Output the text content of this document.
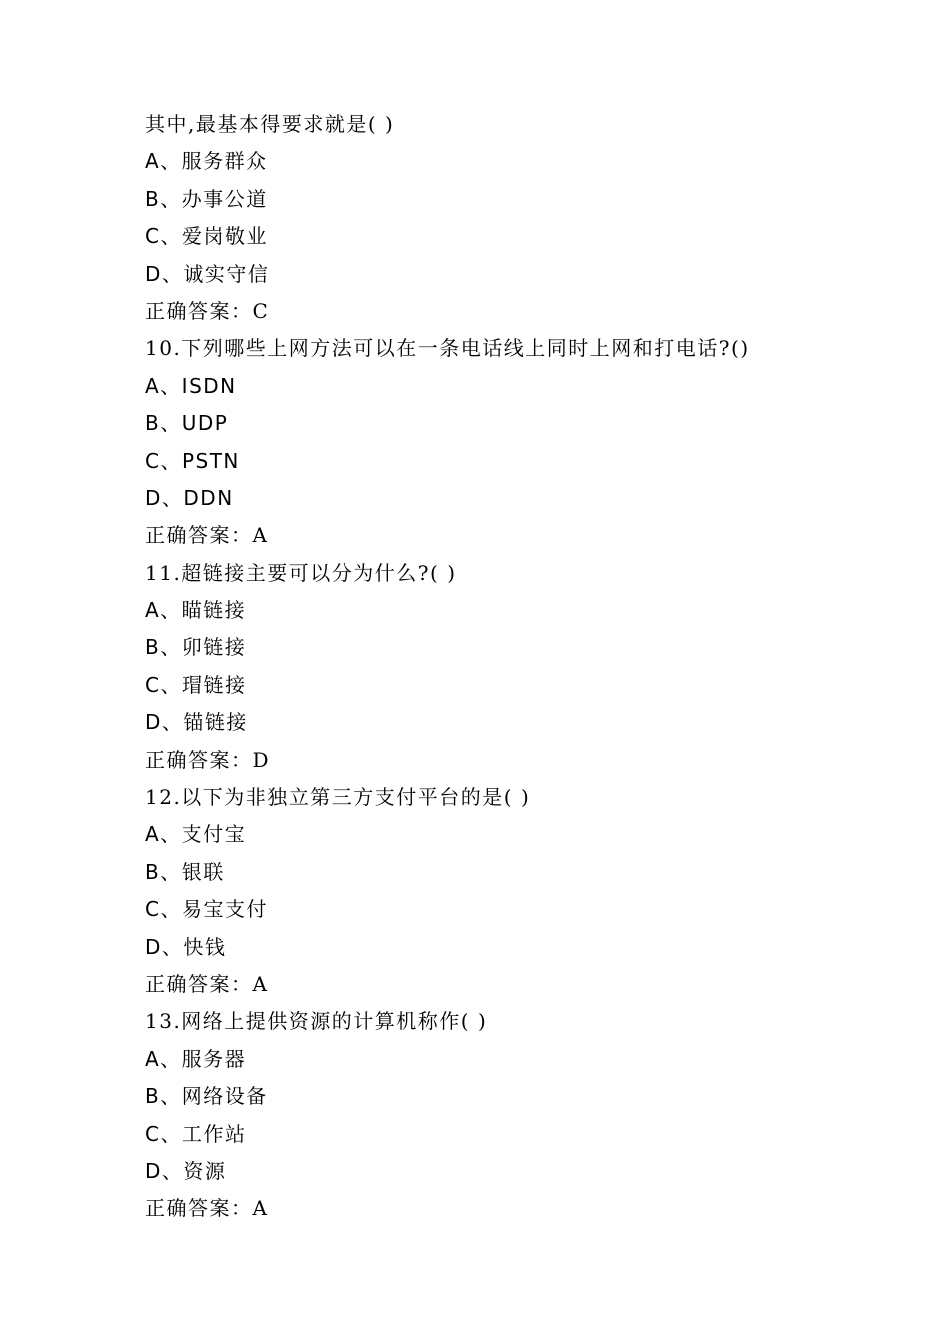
其中,最基本得要求就是( )
A、服务群众
B、办事公道
C、爱岗敬业
D、诚实守信
正确答案：C
10.下列哪些上网方法可以在一条电话线上同时上网和打电话?()
A、ISDN
B、UDP
C、PSTN
D、DDN
正确答案：A
11.超链接主要可以分为什么?( )
A、瞄链接
B、卯链接
C、瑁链接
D、锚链接
正确答案：D
12.以下为非独立第三方支付平台的是( )
A、支付宝
B、银联
C、易宝支付
D、快钱
正确答案：A
13.网络上提供资源的计算机称作( )
A、服务器
B、网络设备
C、工作站
D、资源
正确答案：A
